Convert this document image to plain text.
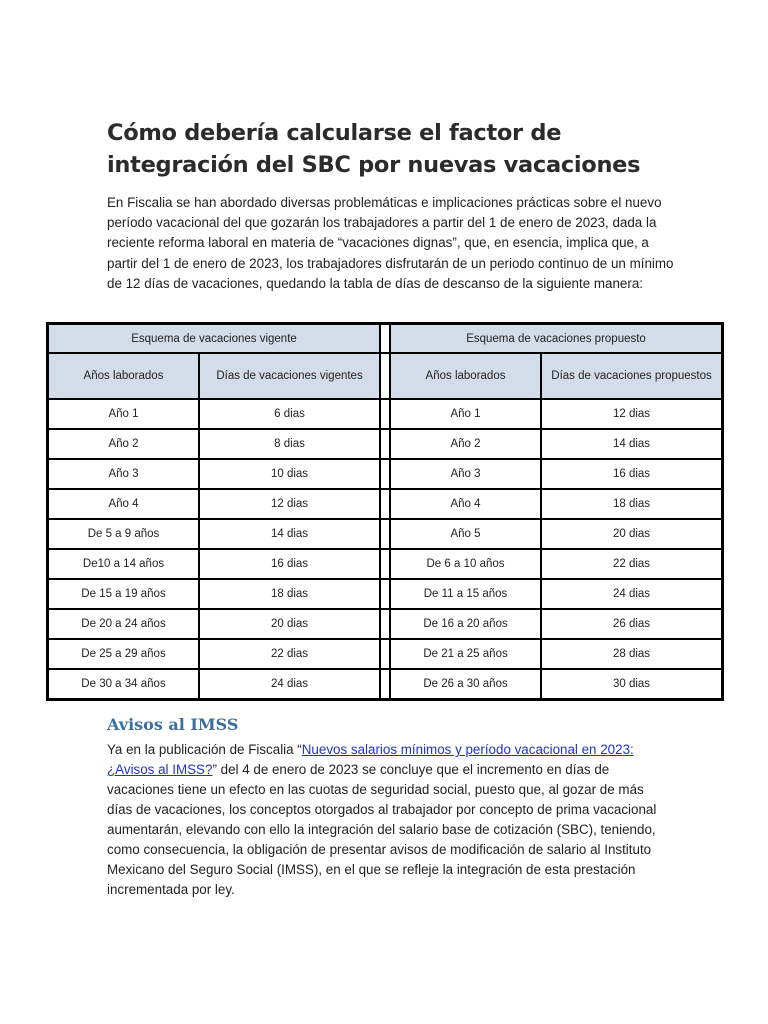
Cómo debería calcularse el factor de integración del SBC por nuevas vacaciones

En Fiscalia se han abordado diversas problemáticas e implicaciones prácticas sobre el nuevo período vacacional del que gozarán los trabajadores a partir del 1 de enero de 2023, dada la reciente reforma laboral en materia de “vacaciones dignas”, que, en esencia, implica que, a partir del 1 de enero de 2023, los trabajadores disfrutarán de un periodo continuo de un mínimo de 12 días de vacaciones, quedando la tabla de días de descanso de la siguiente manera:

Esquema de vacaciones vigente			Esquema de vacaciones propuesto	
Años laborados	Días de vacaciones vigentes		Años laborados	Días de vacaciones propuestos
Año 1	6 dias		Año 1	12 dias
Año 2	8 dias		Año 2	14 dias
Año 3	10 dias		Año 3	16 dias
Año 4	12 dias		Año 4	18 dias
De 5 a 9 años	14 dias		Año 5	20 dias
De10 a 14 años	16 dias		De 6 a 10 años	22 dias
De 15 a 19 años	18 dias		De 11 a 15 años	24 dias
De 20 a 24 años	20 dias		De 16 a 20 años	26 dias
De 25 a 29 años	22 dias		De 21 a 25 años	28 dias
De 30 a 34 años	24 dias		De 26 a 30 años	30 dias
Avisos al IMSS

Ya en la publicación de Fiscalia “Nuevos salarios mínimos y período vacacional en 2023: ¿Avisos al IMSS?” del 4 de enero de 2023 se concluye que el incremento en días de vacaciones tiene un efecto en las cuotas de seguridad social, puesto que, al gozar de más días de vacaciones, los conceptos otorgados al trabajador por concepto de prima vacacional aumentarán, elevando con ello la integración del salario base de cotización (SBC), teniendo, como consecuencia, la obligación de presentar avisos de modificación de salario al Instituto Mexicano del Seguro Social (IMSS), en el que se refleje la integración de esta prestación incrementada por ley.
